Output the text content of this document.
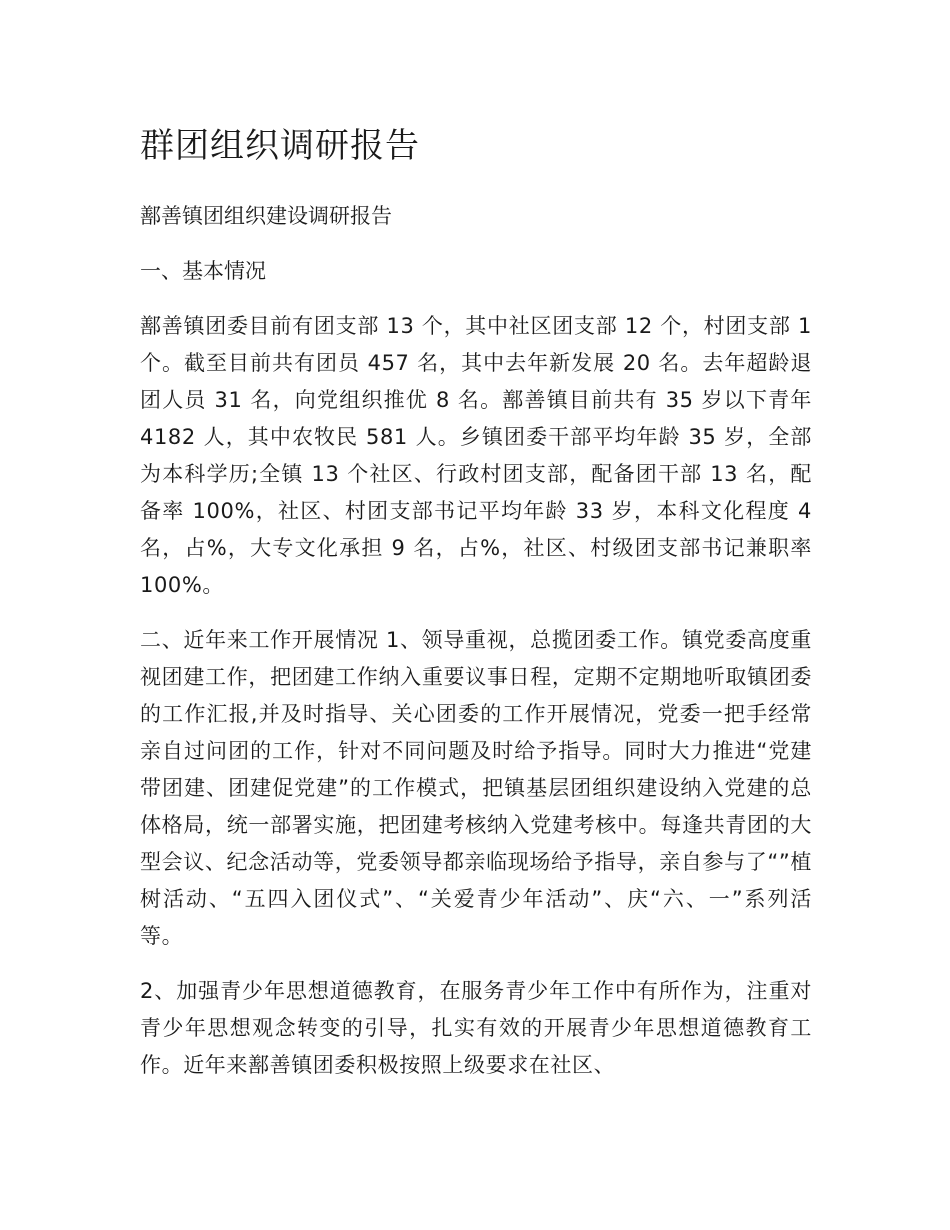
群团组织调研报告
鄯善镇团组织建设调研报告
一、基本情况

鄯善镇团委目前有团支部 13 个，其中社区团支部 12 个，村团支部 1 个。截至目前共有团员 457 名，其中去年新发展 20 名。去年超龄退团人员 31 名，向党组织推优 8 名。鄯善镇目前共有 35 岁以下青年 4182 人，其中农牧民 581 人。乡镇团委干部平均年龄 35 岁，全部为本科学历;全镇 13 个社区、行政村团支部，配备团干部 13 名，配备率 100%，社区、村团支部书记平均年龄 33 岁，本科文化程度 4 名，占%，大专文化承担 9 名，占%，社区、村级团支部书记兼职率 100%。

二、近年来工作开展情况 1、领导重视，总揽团委工作。镇党委高度重视团建工作，把团建工作纳入重要议事日程，定期不定期地听取镇团委的工作汇报,并及时指导、关心团委的工作开展情况，党委一把手经常亲自过问团的工作，针对不同问题及时给予指导。同时大力推进“党建带团建、团建促党建”的工作模式，把镇基层团组织建设纳入党建的总体格局，统一部署实施，把团建考核纳入党建考核中。每逢共青团的大型会议、纪念活动等，党委领导都亲临现场给予指导，亲自参与了“”植树活动、“五四入团仪式”、“关爱青少年活动”、庆“六、一”系列活等。

2、加强青少年思想道德教育，在服务青少年工作中有所作为，注重对青少年思想观念转变的引导，扎实有效的开展青少年思想道德教育工作。近年来鄯善镇团委积极按照上级要求在社区、
